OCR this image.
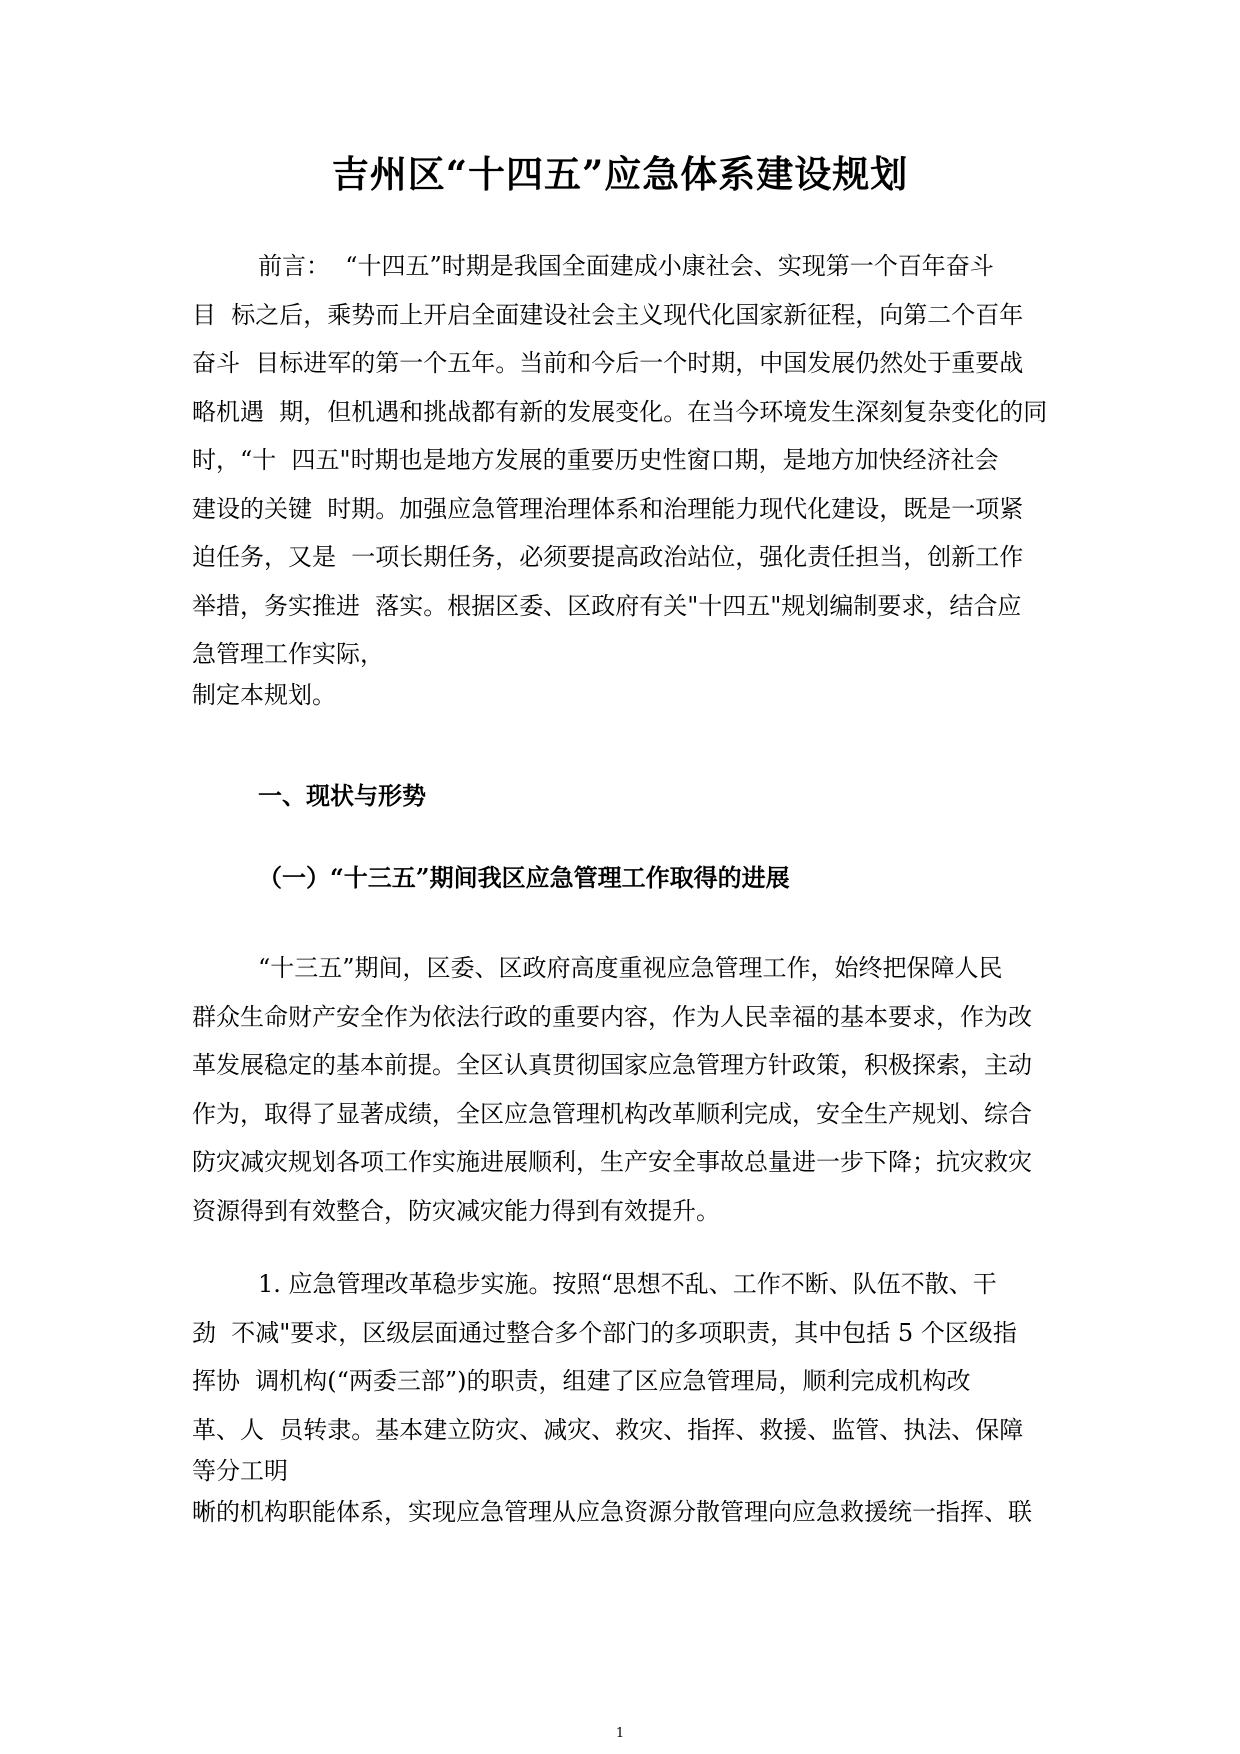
吉州区“十四五”应急体系建设规划
前言：  “十四五”时期是我国全面建成小康社会、实现第一个百年奋斗
目  标之后，乘势而上开启全面建设社会主义现代化国家新征程，向第二个百年
奋斗  目标进军的第一个五年。当前和今后一个时期，中国发展仍然处于重要战
略机遇  期，但机遇和挑战都有新的发展变化。在当今环境发生深刻复杂变化的同
时，“十  四五"时期也是地方发展的重要历史性窗口期，是地方加快经济社会
建设的关键  时期。加强应急管理治理体系和治理能力现代化建设，既是一项紧
迫任务，又是  一项长期任务，必须要提高政治站位，强化责任担当，创新工作
举措，务实推进  落实。根据区委、区政府有关"十四五"规划编制要求，结合应
急管理工作实际，
制定本规划。
一、现状与形势
（一）“十三五”期间我区应急管理工作取得的进展
“十三五”期间，区委、区政府高度重视应急管理工作，始终把保障人民
群众生命财产安全作为依法行政的重要内容，作为人民幸福的基本要求，作为改
革发展稳定的基本前提。全区认真贯彻国家应急管理方针政策，积极探索，主动
作为，取得了显著成绩，全区应急管理机构改革顺利完成，安全生产规划、综合
防灾减灾规划各项工作实施进展顺利，生产安全事故总量进一步下降；抗灾救灾
资源得到有效整合，防灾减灾能力得到有效提升。
1. 应急管理改革稳步实施。按照“思想不乱、工作不断、队伍不散、干
劲  不减"要求，区级层面通过整合多个部门的多项职责，其中包括 5 个区级指
挥协  调机构(“两委三部”)的职责，组建了区应急管理局，顺利完成机构改
革、人  员转隶。基本建立防灾、减灾、救灾、指挥、救援、监管、执法、保障
等分工明
晰的机构职能体系，实现应急管理从应急资源分散管理向应急救援统一指挥、联
1
